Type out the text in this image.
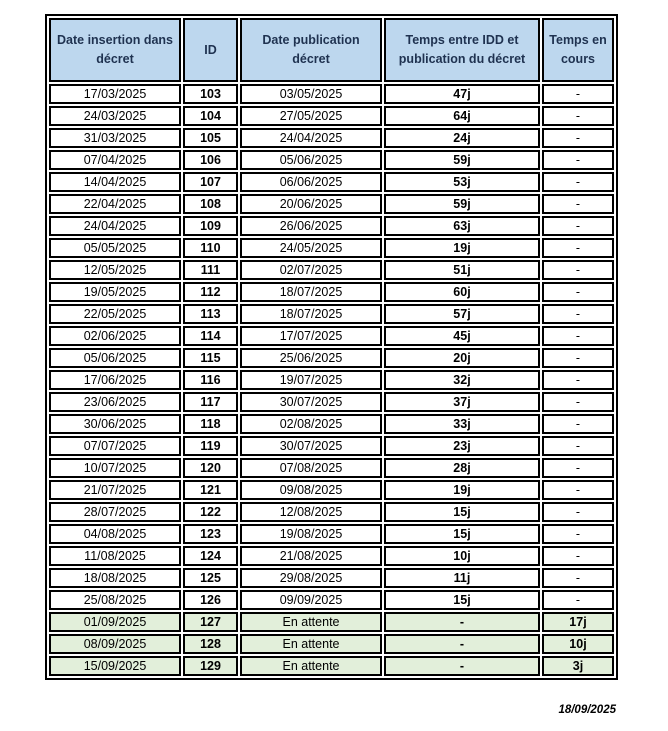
Date insertion dans décret	ID	Date publication décret	Temps entre IDD et publication du décret	Temps en cours
17/03/2025	103	03/05/2025	47j	-
24/03/2025	104	27/05/2025	64j	-
31/03/2025	105	24/04/2025	24j	-
07/04/2025	106	05/06/2025	59j	-
14/04/2025	107	06/06/2025	53j	-
22/04/2025	108	20/06/2025	59j	-
24/04/2025	109	26/06/2025	63j	-
05/05/2025	110	24/05/2025	19j	-
12/05/2025	111	02/07/2025	51j	-
19/05/2025	112	18/07/2025	60j	-
22/05/2025	113	18/07/2025	57j	-
02/06/2025	114	17/07/2025	45j	-
05/06/2025	115	25/06/2025	20j	-
17/06/2025	116	19/07/2025	32j	-
23/06/2025	117	30/07/2025	37j	-
30/06/2025	118	02/08/2025	33j	-
07/07/2025	119	30/07/2025	23j	-
10/07/2025	120	07/08/2025	28j	-
21/07/2025	121	09/08/2025	19j	-
28/07/2025	122	12/08/2025	15j	-
04/08/2025	123	19/08/2025	15j	-
11/08/2025	124	21/08/2025	10j	-
18/08/2025	125	29/08/2025	11j	-
25/08/2025	126	09/09/2025	15j	-
01/09/2025	127	En attente	-	17j
08/09/2025	128	En attente	-	10j
15/09/2025	129	En attente	-	3j
18/09/2025
